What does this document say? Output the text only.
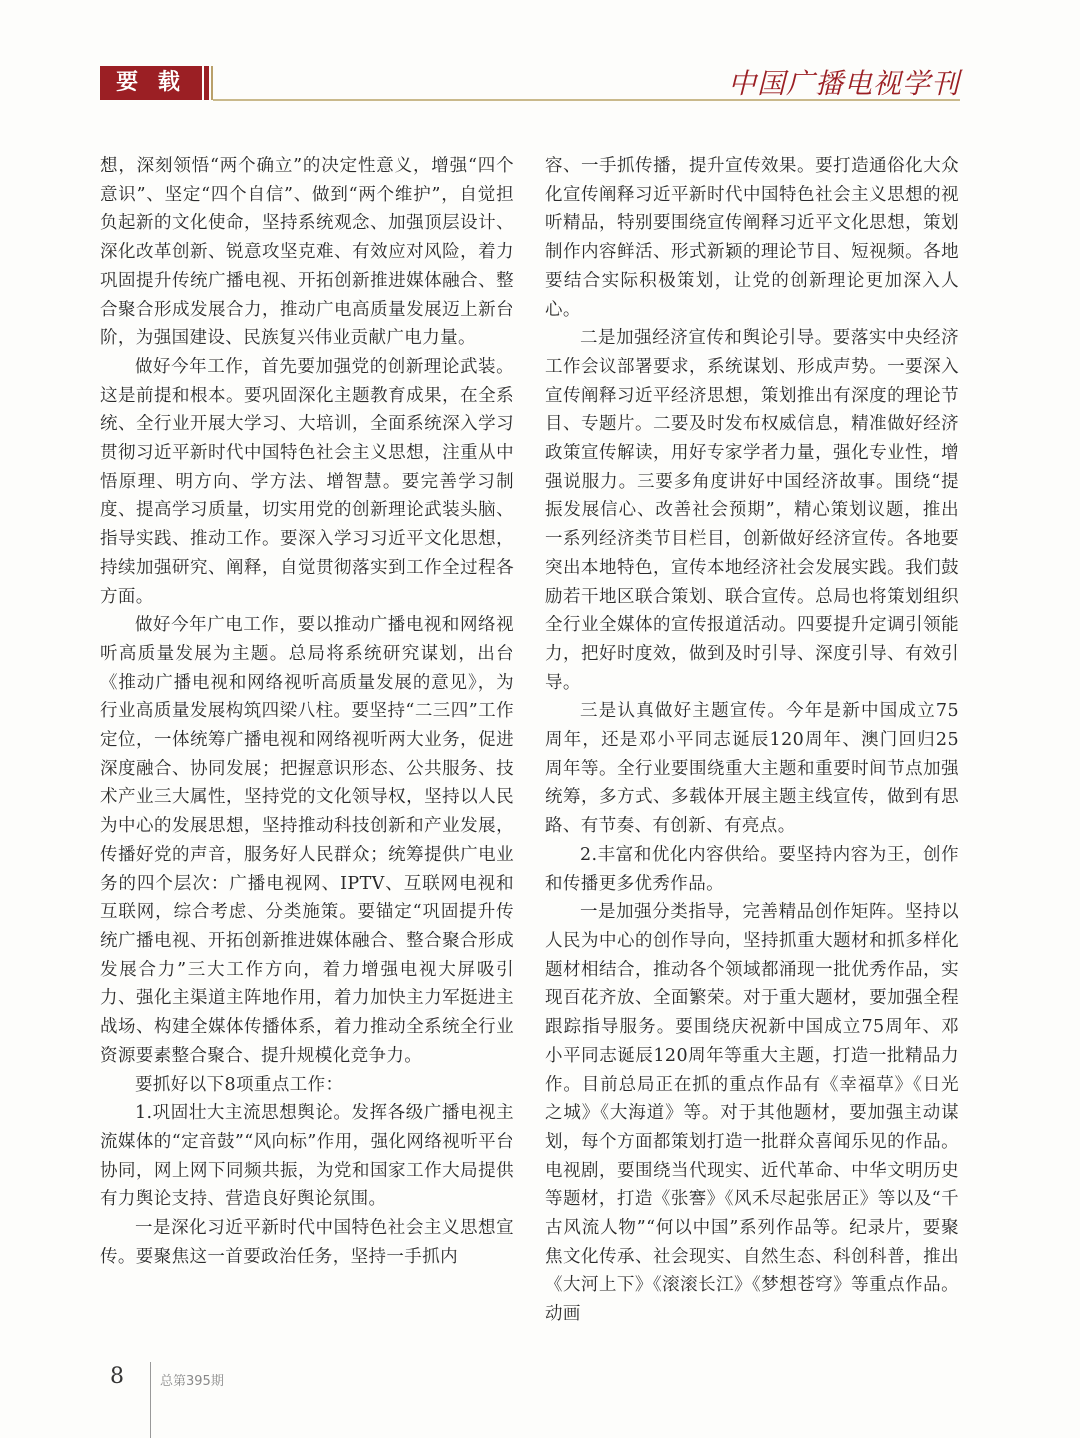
要 载	中国广播电视学刊

想，深刻领悟“两个确立”的决定性意义，增强“四个意识”、坚定“四个自信”、做到“两个维护”，自觉担负起新的文化使命，坚持系统观念、加强顶层设计、深化改革创新、锐意攻坚克难、有效应对风险，着力巩固提升传统广播电视、开拓创新推进媒体融合、整合聚合形成发展合力，推动广电高质量发展迈上新台阶，为强国建设、民族复兴伟业贡献广电力量。

做好今年工作，首先要加强党的创新理论武装。这是前提和根本。要巩固深化主题教育成果，在全系统、全行业开展大学习、大培训，全面系统深入学习贯彻习近平新时代中国特色社会主义思想，注重从中悟原理、明方向、学方法、增智慧。要完善学习制度、提高学习质量，切实用党的创新理论武装头脑、指导实践、推动工作。要深入学习习近平文化思想，持续加强研究、阐释，自觉贯彻落实到工作全过程各方面。

做好今年广电工作，要以推动广播电视和网络视听高质量发展为主题。总局将系统研究谋划，出台《推动广播电视和网络视听高质量发展的意见》，为行业高质量发展构筑四梁八柱。要坚持“二三四”工作定位，一体统筹广播电视和网络视听两大业务，促进深度融合、协同发展；把握意识形态、公共服务、技术产业三大属性，坚持党的文化领导权，坚持以人民为中心的发展思想，坚持推动科技创新和产业发展，传播好党的声音，服务好人民群众；统筹提供广电业务的四个层次：广播电视网、IPTV、互联网电视和互联网，综合考虑、分类施策。要锚定“巩固提升传统广播电视、开拓创新推进媒体融合、整合聚合形成发展合力”三大工作方向，着力增强电视大屏吸引力、强化主渠道主阵地作用，着力加快主力军挺进主战场、构建全媒体传播体系，着力推动全系统全行业资源要素整合聚合、提升规模化竞争力。

要抓好以下8项重点工作：

1.巩固壮大主流思想舆论。发挥各级广播电视主流媒体的“定音鼓”“风向标”作用，强化网络视听平台协同，网上网下同频共振，为党和国家工作大局提供有力舆论支持、营造良好舆论氛围。

一是深化习近平新时代中国特色社会主义思想宣传。要聚焦这一首要政治任务，坚持一手抓内

容、一手抓传播，提升宣传效果。要打造通俗化大众化宣传阐释习近平新时代中国特色社会主义思想的视听精品，特别要围绕宣传阐释习近平文化思想，策划制作内容鲜活、形式新颖的理论节目、短视频。各地要结合实际积极策划，让党的创新理论更加深入人心。

二是加强经济宣传和舆论引导。要落实中央经济工作会议部署要求，系统谋划、形成声势。一要深入宣传阐释习近平经济思想，策划推出有深度的理论节目、专题片。二要及时发布权威信息，精准做好经济政策宣传解读，用好专家学者力量，强化专业性，增强说服力。三要多角度讲好中国经济故事。围绕“提振发展信心、改善社会预期”，精心策划议题，推出一系列经济类节目栏目，创新做好经济宣传。各地要突出本地特色，宣传本地经济社会发展实践。我们鼓励若干地区联合策划、联合宣传。总局也将策划组织全行业全媒体的宣传报道活动。四要提升定调引领能力，把好时度效，做到及时引导、深度引导、有效引导。

三是认真做好主题宣传。今年是新中国成立75周年，还是邓小平同志诞辰120周年、澳门回归25周年等。全行业要围绕重大主题和重要时间节点加强统筹，多方式、多载体开展主题主线宣传，做到有思路、有节奏、有创新、有亮点。

2.丰富和优化内容供给。要坚持内容为王，创作和传播更多优秀作品。

一是加强分类指导，完善精品创作矩阵。坚持以人民为中心的创作导向，坚持抓重大题材和抓多样化题材相结合，推动各个领域都涌现一批优秀作品，实现百花齐放、全面繁荣。对于重大题材，要加强全程跟踪指导服务。要围绕庆祝新中国成立75周年、邓小平同志诞辰120周年等重大主题，打造一批精品力作。目前总局正在抓的重点作品有《幸福草》《日光之城》《大海道》等。对于其他题材，要加强主动谋划，每个方面都策划打造一批群众喜闻乐见的作品。电视剧，要围绕当代现实、近代革命、中华文明历史等题材，打造《张謇》《风禾尽起张居正》等以及“千古风流人物”“何以中国”系列作品等。纪录片，要聚焦文化传承、社会现实、自然生态、科创科普，推出《大河上下》《滚滚长江》《梦想苍穹》等重点作品。动画

8	总第395期
